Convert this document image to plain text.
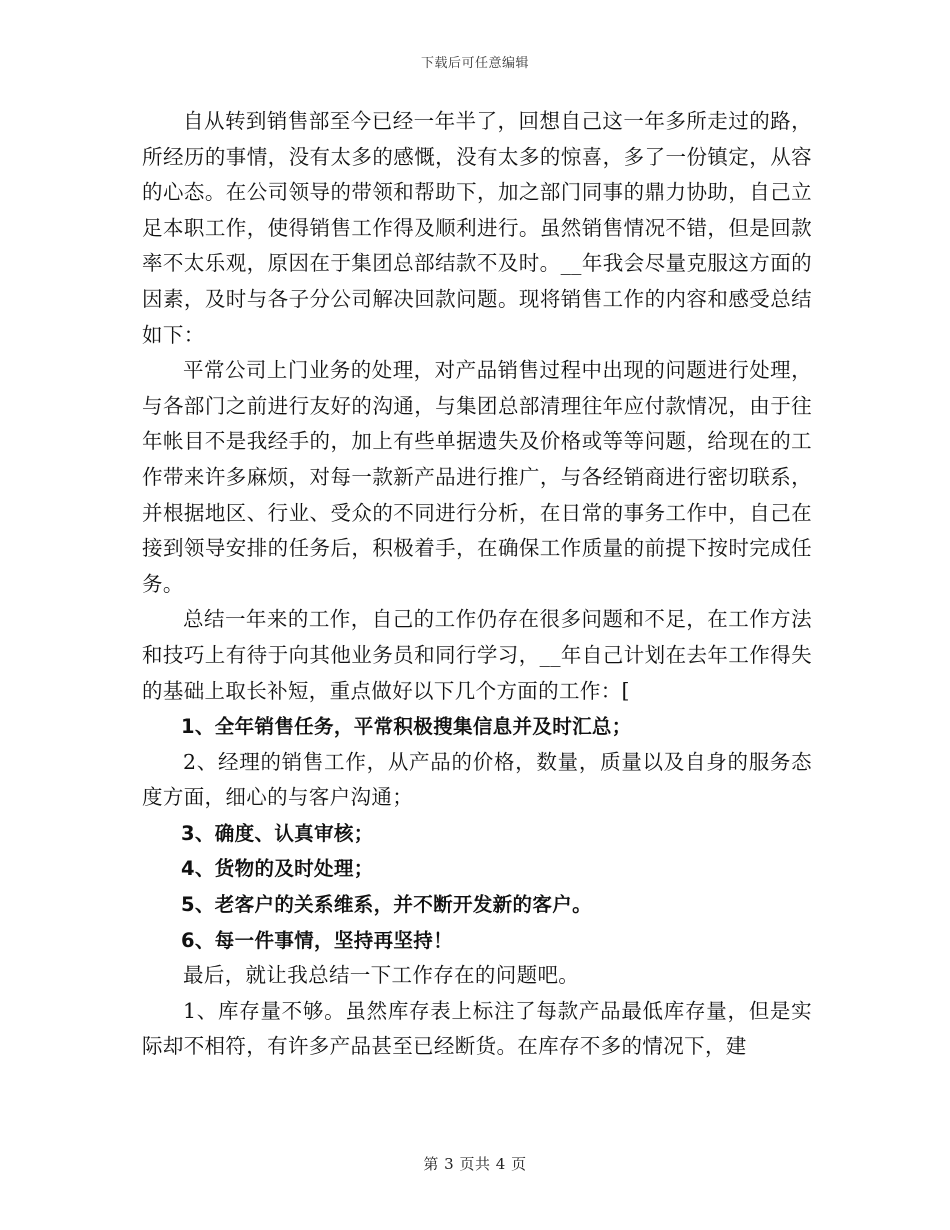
下载后可任意编辑

自从转到销售部至今已经一年半了，回想自己这一年多所走过的路，所经历的事情，没有太多的感慨，没有太多的惊喜，多了一份镇定，从容的心态。在公司领导的带领和帮助下，加之部门同事的鼎力协助，自己立足本职工作，使得销售工作得及顺利进行。虽然销售情况不错，但是回款率不太乐观，原因在于集团总部结款不及时。__年我会尽量克服这方面的因素，及时与各子分公司解决回款问题。现将销售工作的内容和感受总结如下：

平常公司上门业务的处理，对产品销售过程中出现的问题进行处理，与各部门之前进行友好的沟通，与集团总部清理往年应付款情况，由于往年帐目不是我经手的，加上有些单据遗失及价格或等等问题，给现在的工作带来许多麻烦，对每一款新产品进行推广，与各经销商进行密切联系，并根据地区、行业、受众的不同进行分析，在日常的事务工作中，自己在接到领导安排的任务后，积极着手，在确保工作质量的前提下按时完成任务。

总结一年来的工作，自己的工作仍存在很多问题和不足，在工作方法和技巧上有待于向其他业务员和同行学习，__年自己计划在去年工作得失的基础上取长补短，重点做好以下几个方面的工作：[

1、全年销售任务，平常积极搜集信息并及时汇总；

2、经理的销售工作，从产品的价格，数量，质量以及自身的服务态度方面，细心的与客户沟通；

3、确度、认真审核；

4、货物的及时处理；

5、老客户的关系维系，并不断开发新的客户。

6、每一件事情，坚持再坚持！

最后，就让我总结一下工作存在的问题吧。

1、库存量不够。虽然库存表上标注了每款产品最低库存量，但是实际却不相符，有许多产品甚至已经断货。在库存不多的情况下，建

第 3 页共 4 页
